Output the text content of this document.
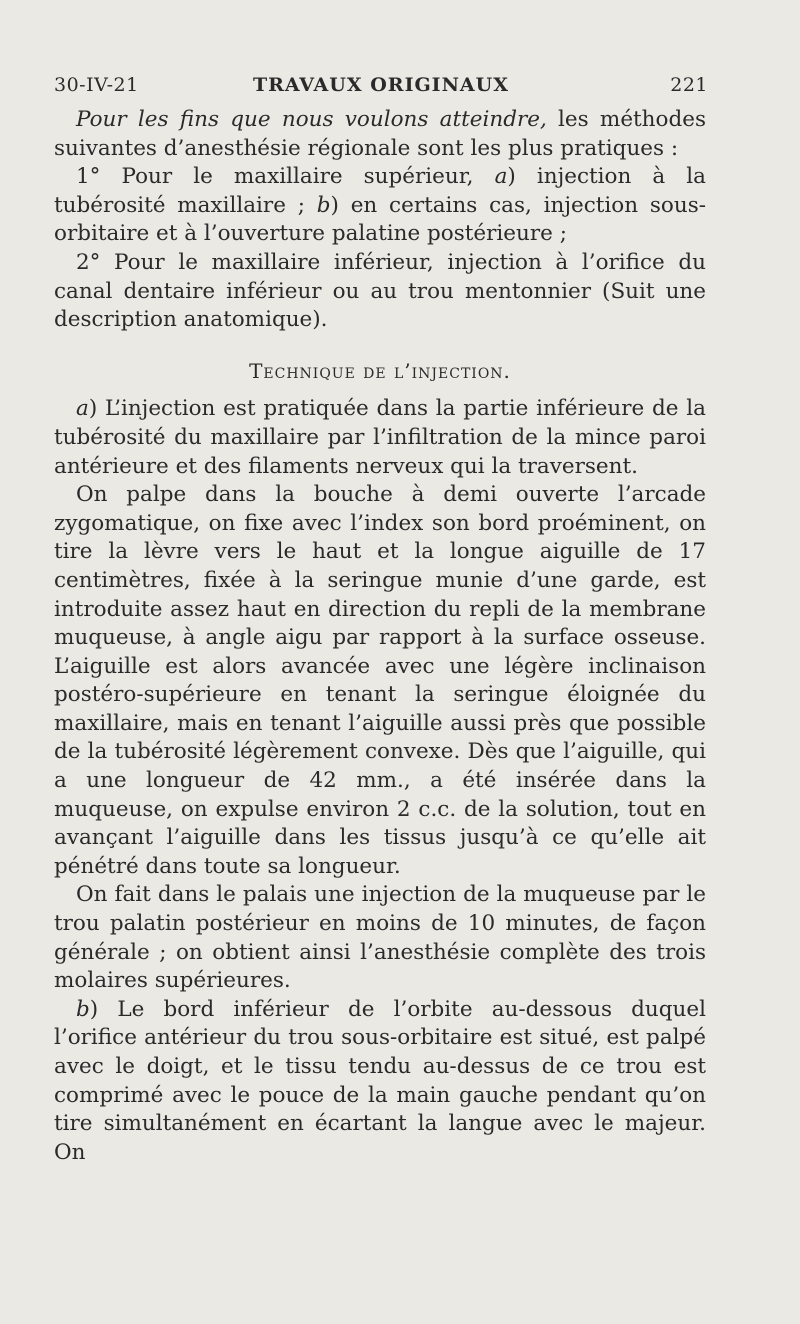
30-IV-21	TRAVAUX ORIGINAUX	221

Pour les fins que nous voulons atteindre, les méthodes suivantes d’anesthésie régionale sont les plus pratiques :

1° Pour le maxillaire supérieur, a) injection à la tubérosité maxillaire ; b) en certains cas, injection sous-orbitaire et à l’ouverture palatine postérieure ;

2° Pour le maxillaire inférieur, injection à l’orifice du canal dentaire inférieur ou au trou mentonnier (Suit une description anatomique).

Technique de l’injection.

a) L’injection est pratiquée dans la partie inférieure de la tubérosité du maxillaire par l’infiltration de la mince paroi antérieure et des filaments nerveux qui la traversent.

On palpe dans la bouche à demi ouverte l’arcade zygomatique, on fixe avec l’index son bord proéminent, on tire la lèvre vers le haut et la longue aiguille de 17 centimètres, fixée à la seringue munie d’une garde, est introduite assez haut en direction du repli de la membrane muqueuse, à angle aigu par rapport à la surface osseuse. L’aiguille est alors avancée avec une légère inclinaison postéro-supérieure en tenant la seringue éloignée du maxillaire, mais en tenant l’aiguille aussi près que possible de la tubérosité légèrement convexe. Dès que l’aiguille, qui a une longueur de 42 mm., a été insérée dans la muqueuse, on expulse environ 2 c.c. de la solution, tout en avançant l’aiguille dans les tissus jusqu’à ce qu’elle ait pénétré dans toute sa longueur.

On fait dans le palais une injection de la muqueuse par le trou palatin postérieur en moins de 10 minutes, de façon générale ; on obtient ainsi l’anesthésie complète des trois molaires supérieures.

b) Le bord inférieur de l’orbite au-dessous duquel l’orifice antérieur du trou sous-orbitaire est situé, est palpé avec le doigt, et le tissu tendu au-dessus de ce trou est comprimé avec le pouce de la main gauche pendant qu’on tire simultanément en écartant la langue avec le majeur. On
